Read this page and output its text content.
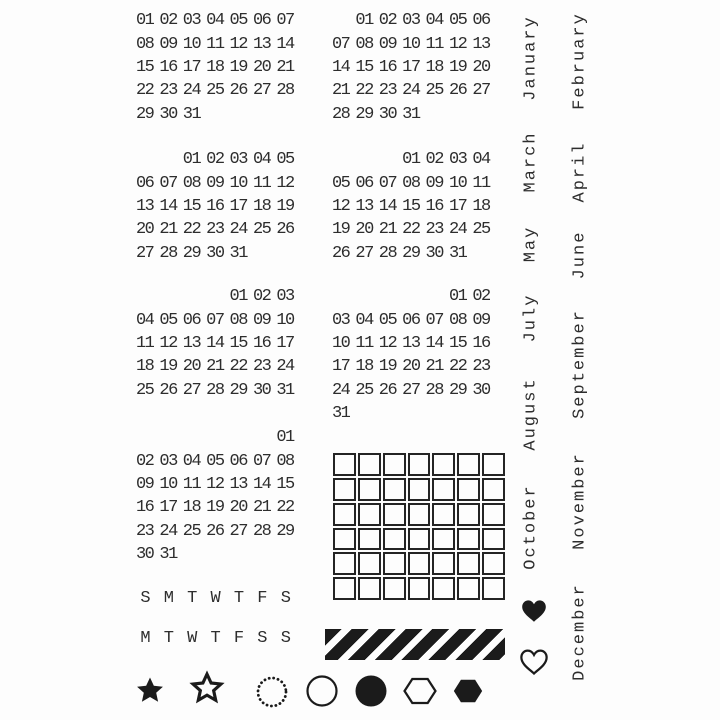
01 02 03 04 05 06 07
08 09 10 11 12 13 14
15 16 17 18 19 20 21
22 23 24 25 26 27 28
29 30 31
01 02 03 04 05 06
07 08 09 10 11 12 13
14 15 16 17 18 19 20
21 22 23 24 25 26 27
28 29 30 31
01 02 03 04 05
06 07 08 09 10 11 12
13 14 15 16 17 18 19
20 21 22 23 24 25 26
27 28 29 30 31
01 02 03 04
05 06 07 08 09 10 11
12 13 14 15 16 17 18
19 20 21 22 23 24 25
26 27 28 29 30 31
01 02 03
04 05 06 07 08 09 10
11 12 13 14 15 16 17
18 19 20 21 22 23 24
25 26 27 28 29 30 31
01 02
03 04 05 06 07 08 09
10 11 12 13 14 15 16
17 18 19 20 21 22 23
24 25 26 27 28 29 30
31
01
02 03 04 05 06 07 08
09 10 11 12 13 14 15
16 17 18 19 20 21 22
23 24 25 26 27 28 29
30 31
S M T W T F S
M T W T F S S
January February
March April
May June
July
August September
October November
December
